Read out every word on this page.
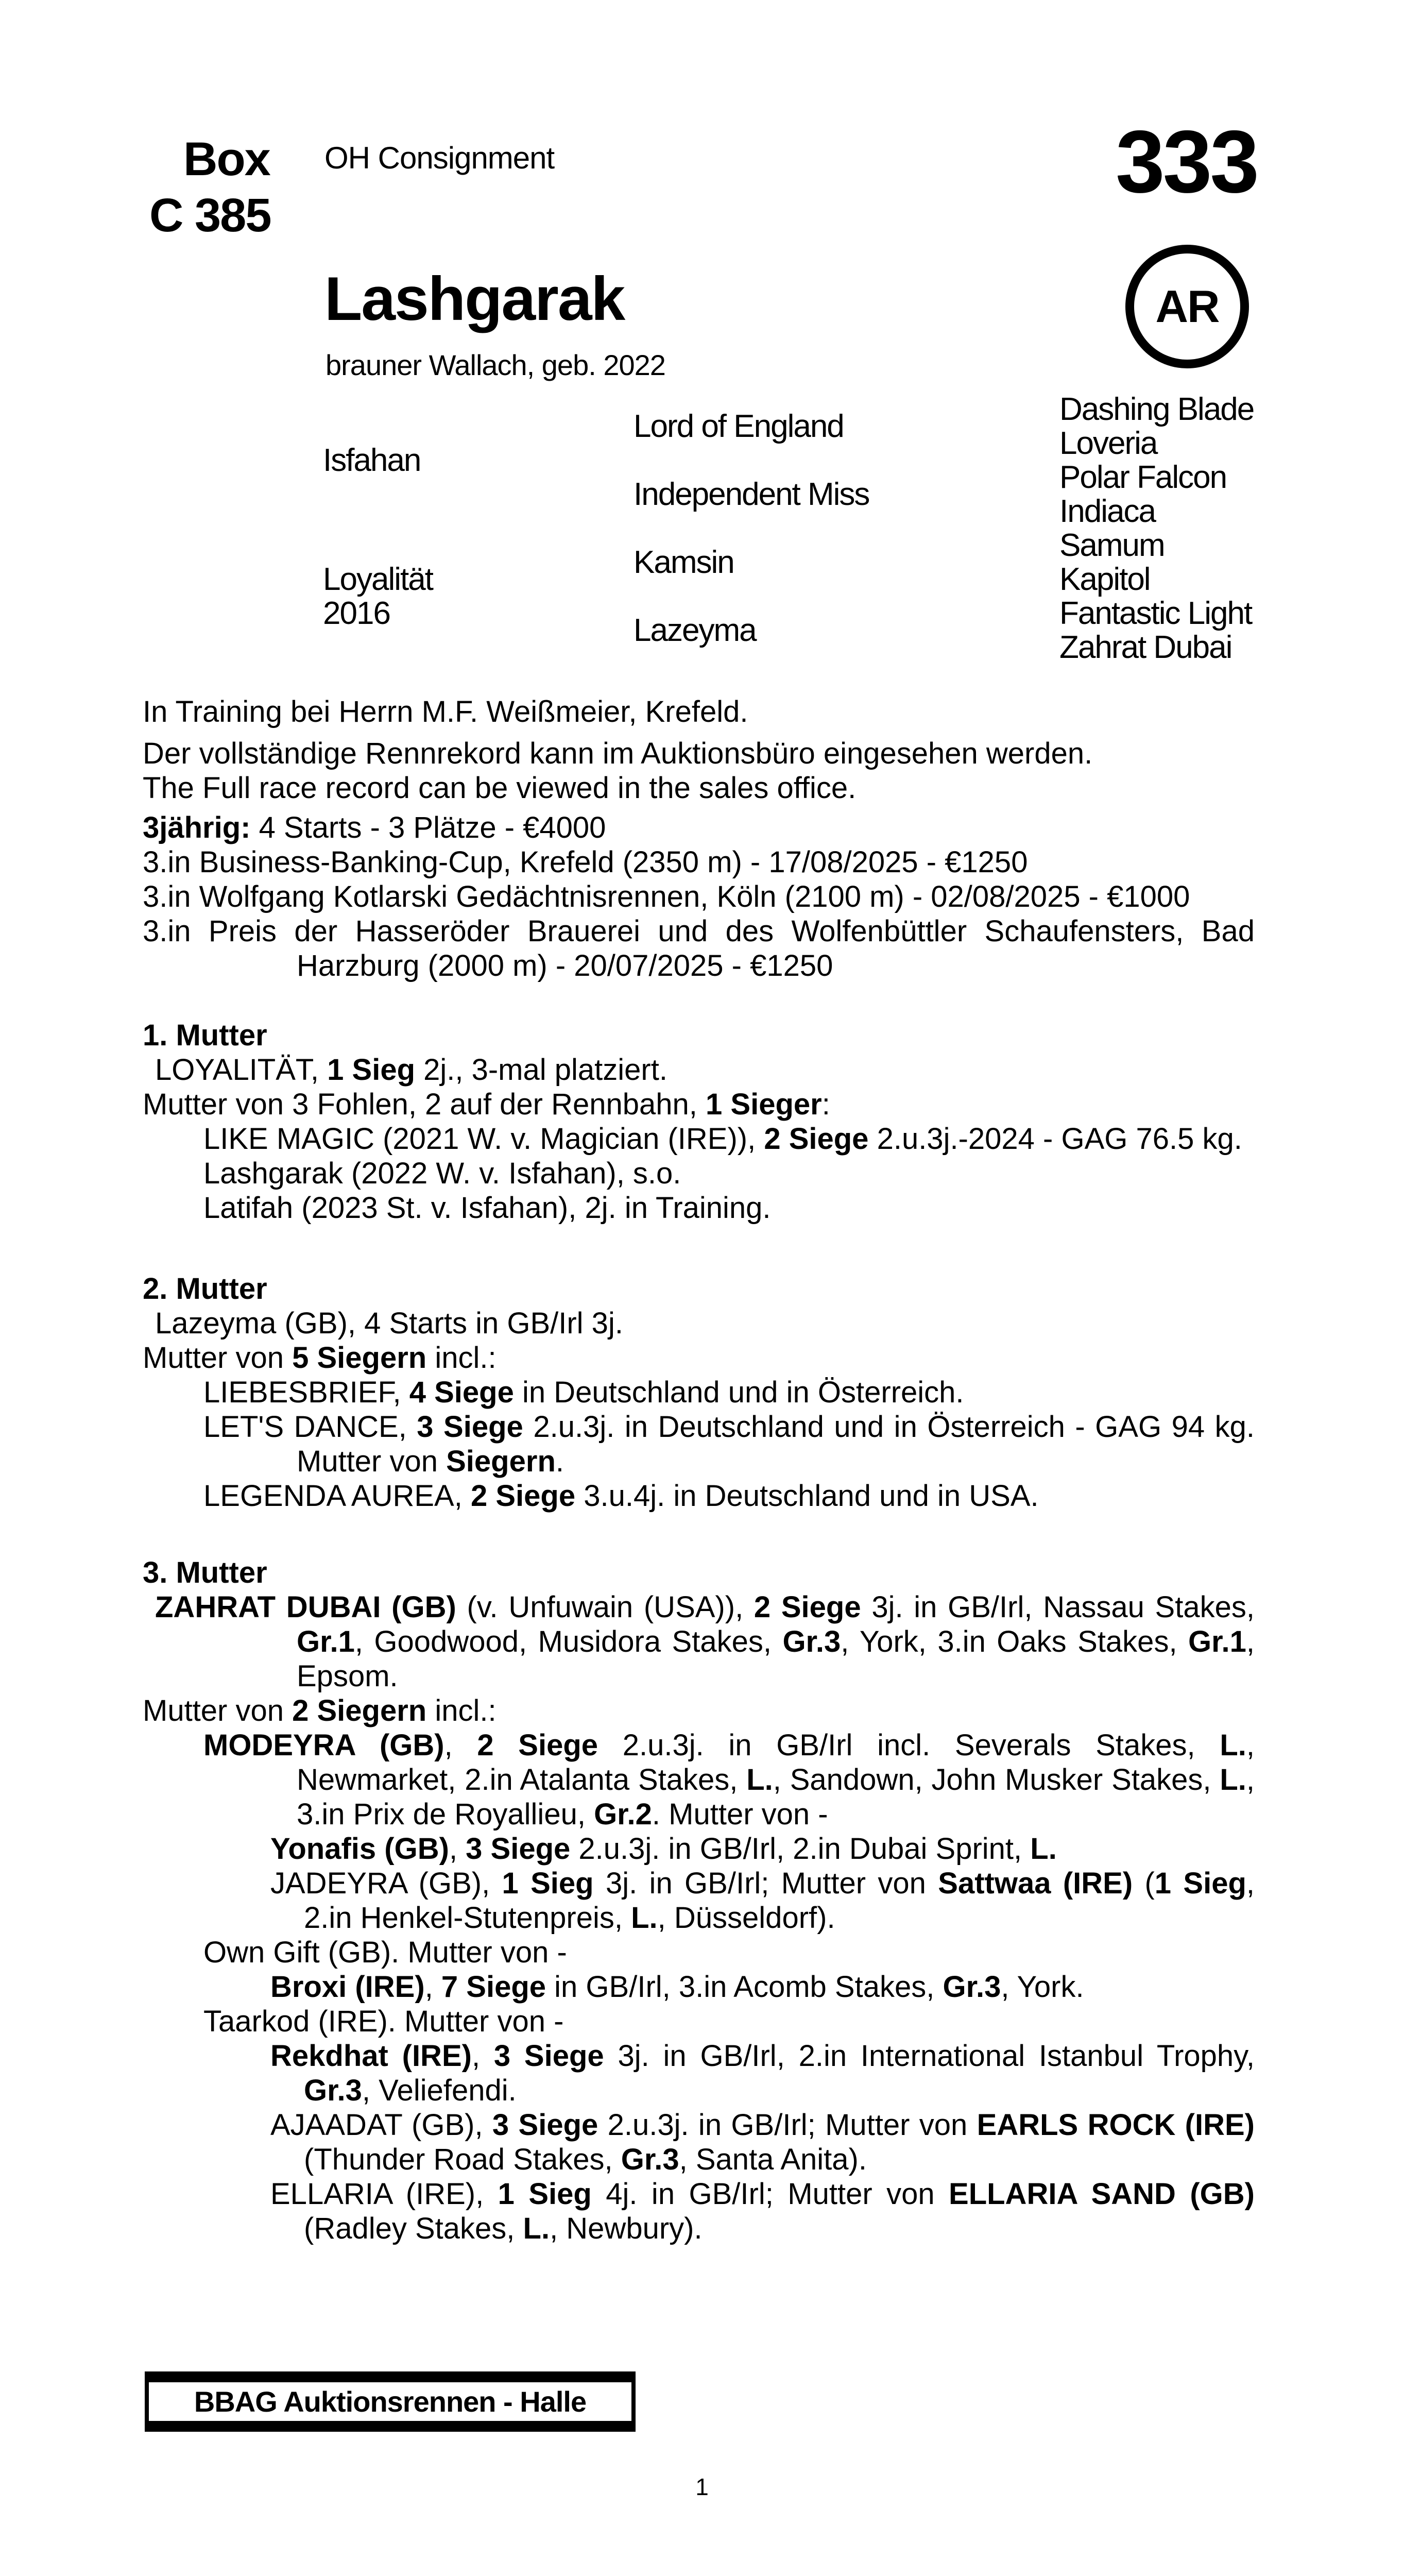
Box
C 385
OH Consignment	333
AR
Lashgarak
brauner Wallach, geb. 2022
Isfahan
Loyalität
2016
Lord of England
Independent Miss
Kamsin
Lazeyma
Dashing Blade
Loveria
Polar Falcon
Indiaca
Samum
Kapitol
Fantastic Light
Zahrat Dubai
In Training bei Herrn M.F. Weißmeier, Krefeld.
Der vollständige Rennrekord kann im Auktionsbüro eingesehen werden.
The Full race record can be viewed in the sales office.
3jährig: 4 Starts - 3 Plätze - €4000
3.in Business-Banking-Cup, Krefeld (2350 m) - 17/08/2025 - €1250
3.in Wolfgang Kotlarski Gedächtnisrennen, Köln (2100 m) - 02/08/2025 - €1000
3.in Preis der Hasseröder Brauerei und des Wolfenbüttler Schaufensters, Bad Harzburg (2000 m) - 20/07/2025 - €1250
1. Mutter
LOYALITÄT, 1 Sieg 2j., 3-mal platziert.
Mutter von 3 Fohlen, 2 auf der Rennbahn, 1 Sieger:
LIKE MAGIC (2021 W. v. Magician (IRE)), 2 Siege 2.u.3j.-2024 - GAG 76.5 kg.
Lashgarak (2022 W. v. Isfahan), s.o.
Latifah (2023 St. v. Isfahan), 2j. in Training.
2. Mutter
Lazeyma (GB), 4 Starts in GB/Irl 3j.
Mutter von 5 Siegern incl.:
LIEBESBRIEF, 4 Siege in Deutschland und in Österreich.
LET'S DANCE, 3 Siege 2.u.3j. in Deutschland und in Österreich - GAG 94 kg. Mutter von Siegern.
LEGENDA AUREA, 2 Siege 3.u.4j. in Deutschland und in USA.
3. Mutter
ZAHRAT DUBAI (GB) (v. Unfuwain (USA)), 2 Siege 3j. in GB/Irl, Nassau Stakes, Gr.1, Goodwood, Musidora Stakes, Gr.3, York, 3.in Oaks Stakes, Gr.1, Epsom.
Mutter von 2 Siegern incl.:
MODEYRA (GB), 2 Siege 2.u.3j. in GB/Irl incl. Severals Stakes, L., Newmarket, 2.in Atalanta Stakes, L., Sandown, John Musker Stakes, L., 3.in Prix de Royallieu, Gr.2. Mutter von -
Yonafis (GB), 3 Siege 2.u.3j. in GB/Irl, 2.in Dubai Sprint, L.
JADEYRA (GB), 1 Sieg 3j. in GB/Irl; Mutter von Sattwaa (IRE) (1 Sieg, 2.in Henkel-Stutenpreis, L., Düsseldorf).
Own Gift (GB). Mutter von -
Broxi (IRE), 7 Siege in GB/Irl, 3.in Acomb Stakes, Gr.3, York.
Taarkod (IRE). Mutter von -
Rekdhat (IRE), 3 Siege 3j. in GB/Irl, 2.in International Istanbul Trophy, Gr.3, Veliefendi.
AJAADAT (GB), 3 Siege 2.u.3j. in GB/Irl; Mutter von EARLS ROCK (IRE) (Thunder Road Stakes, Gr.3, Santa Anita).
ELLARIA (IRE), 1 Sieg 4j. in GB/Irl; Mutter von ELLARIA SAND (GB) (Radley Stakes, L., Newbury).
BBAG Auktionsrennen - Halle
1
